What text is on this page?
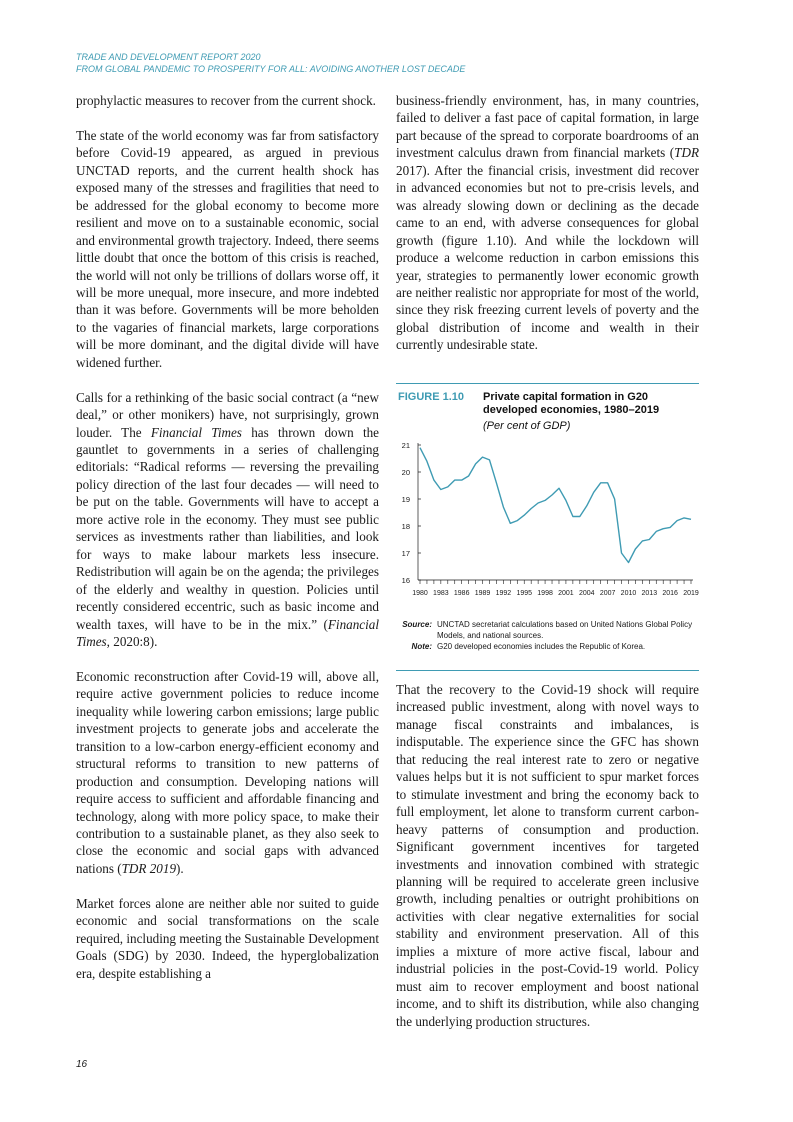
TRADE AND DEVELOPMENT REPORT 2020
FROM GLOBAL PANDEMIC TO PROSPERITY FOR ALL: AVOIDING ANOTHER LOST DECADE

prophylactic measures to recover from the current shock.

The state of the world economy was far from satisfactory before Covid-19 appeared, as argued in previous UNCTAD reports, and the current health shock has exposed many of the stresses and fragilities that need to be addressed for the global economy to become more resilient and move on to a sustainable economic, social and environmental growth trajectory. Indeed, there seems little doubt that once the bottom of this crisis is reached, the world will not only be trillions of dollars worse off, it will be more unequal, more insecure, and more indebted than it was before. Governments will be more beholden to the vagaries of financial markets, large corporations will be more dominant, and the digital divide will have widened further.

Calls for a rethinking of the basic social contract (a “new deal,” or other monikers) have, not surprisingly, grown louder. The Financial Times has thrown down the gauntlet to governments in a series of challenging editorials: “Radical reforms — reversing the prevailing policy direction of the last four decades — will need to be put on the table. Governments will have to accept a more active role in the economy. They must see public services as investments rather than liabilities, and look for ways to make labour markets less insecure. Redistribution will again be on the agenda; the privileges of the elderly and wealthy in question. Policies until recently considered eccentric, such as basic income and wealth taxes, will have to be in the mix.” (Financial Times, 2020:8).

Economic reconstruction after Covid-19 will, above all, require active government policies to reduce income inequality while lowering carbon emissions; large public investment projects to generate jobs and accelerate the transition to a low-carbon energy-efficient economy and structural reforms to transition to new patterns of production and consumption. Developing nations will require access to sufficient and affordable financing and technology, along with more policy space, to make their contribution to a sustainable planet, as they also seek to close the economic and social gaps with advanced nations (TDR 2019).

Market forces alone are neither able nor suited to guide economic and social transformations on the scale required, including meeting the Sustainable Development Goals (SDG) by 2030. Indeed, the hyperglobalization era, despite establishing a

business-friendly environment, has, in many countries, failed to deliver a fast pace of capital formation, in large part because of the spread to corporate boardrooms of an investment calculus drawn from financial markets (TDR 2017). After the financial crisis, investment did recover in advanced economies but not to pre-crisis levels, and was already slowing down or declining as the decade came to an end, with adverse consequences for global growth (figure 1.10). And while the lockdown will produce a welcome reduction in carbon emissions this year, strategies to permanently lower economic growth are neither realistic nor appropriate for most of the world, since they risk freezing current levels of poverty and the global distribution of income and wealth in their currently undesirable state.

FIGURE 1.10 Private capital formation in G20 developed economies, 1980–2019
(Per cent of GDP)
16
17
18
19
20
21
1980 1983 1986 1989 1992 1995 1998 2001 2004 2007 2010 2013 2016 2019
Source: UNCTAD secretariat calculations based on United Nations Global Policy Models, and national sources.
Note: G20 developed economies includes the Republic of Korea.

That the recovery to the Covid-19 shock will require increased public investment, along with novel ways to manage fiscal constraints and imbalances, is indisputable. The experience since the GFC has shown that reducing the real interest rate to zero or negative values helps but it is not sufficient to spur market forces to stimulate investment and bring the economy back to full employment, let alone to transform current carbon-heavy patterns of consumption and production. Significant government incentives for targeted investments and innovation combined with strategic planning will be required to accelerate green inclusive growth, including penalties or outright prohibitions on activities with clear negative externalities for social stability and environment preservation. All of this implies a mixture of more active fiscal, labour and industrial policies in the post-Covid-19 world. Policy must aim to recover employment and boost national income, and to shift its distribution, while also changing the underlying production structures.

16
